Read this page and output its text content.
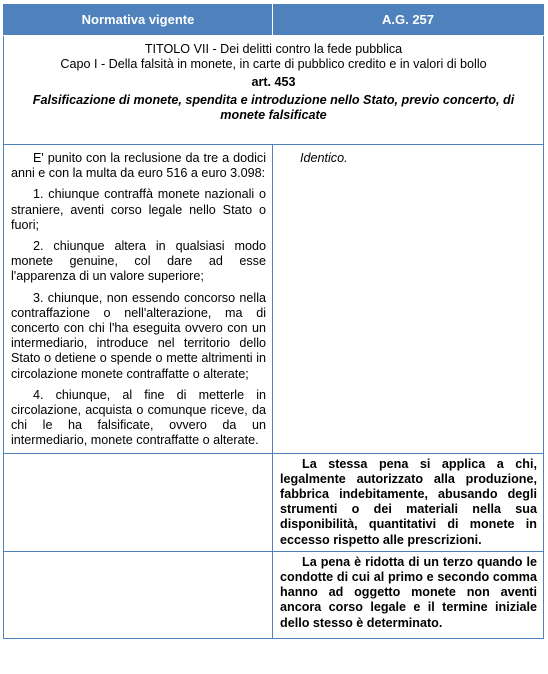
Normativa vigente	A.G. 257

TITOLO VII - Dei delitti contro la fede pubblica
Capo I - Della falsità in monete, in carte di pubblico credito e in valori di bollo
art. 453
Falsificazione di monete, spendita e introduzione nello Stato, previo concerto, di monete falsificate	

E' punito con la reclusione da tre a dodici anni e con la multa da euro 516 a euro 3.098:

1. chiunque contraffà monete nazionali o straniere, aventi corso legale nello Stato o fuori;

2. chiunque altera in qualsiasi modo monete genuine, col dare ad esse l'apparenza di un valore superiore;

3. chiunque, non essendo concorso nella contraffazione o nell'alterazione, ma di concerto con chi l'ha eseguita ovvero con un intermediario, introduce nel territorio dello Stato o detiene o spende o mette altrimenti in circolazione monete contraffatte o alterate;

4. chiunque, al fine di metterle in circolazione, acquista o comunque riceve, da chi le ha falsificate, ovvero da un intermediario, monete contraffatte o alterate.	Identico.

	La stessa pena si applica a chi, legalmente autorizzato alla produzione, fabbrica indebitamente, abusando degli strumenti o dei materiali nella sua disponibilità, quantitativi di monete in eccesso rispetto alle prescrizioni.

	La pena è ridotta di un terzo quando le condotte di cui al primo e secondo comma hanno ad oggetto monete non aventi ancora corso legale e il termine iniziale dello stesso è determinato.
